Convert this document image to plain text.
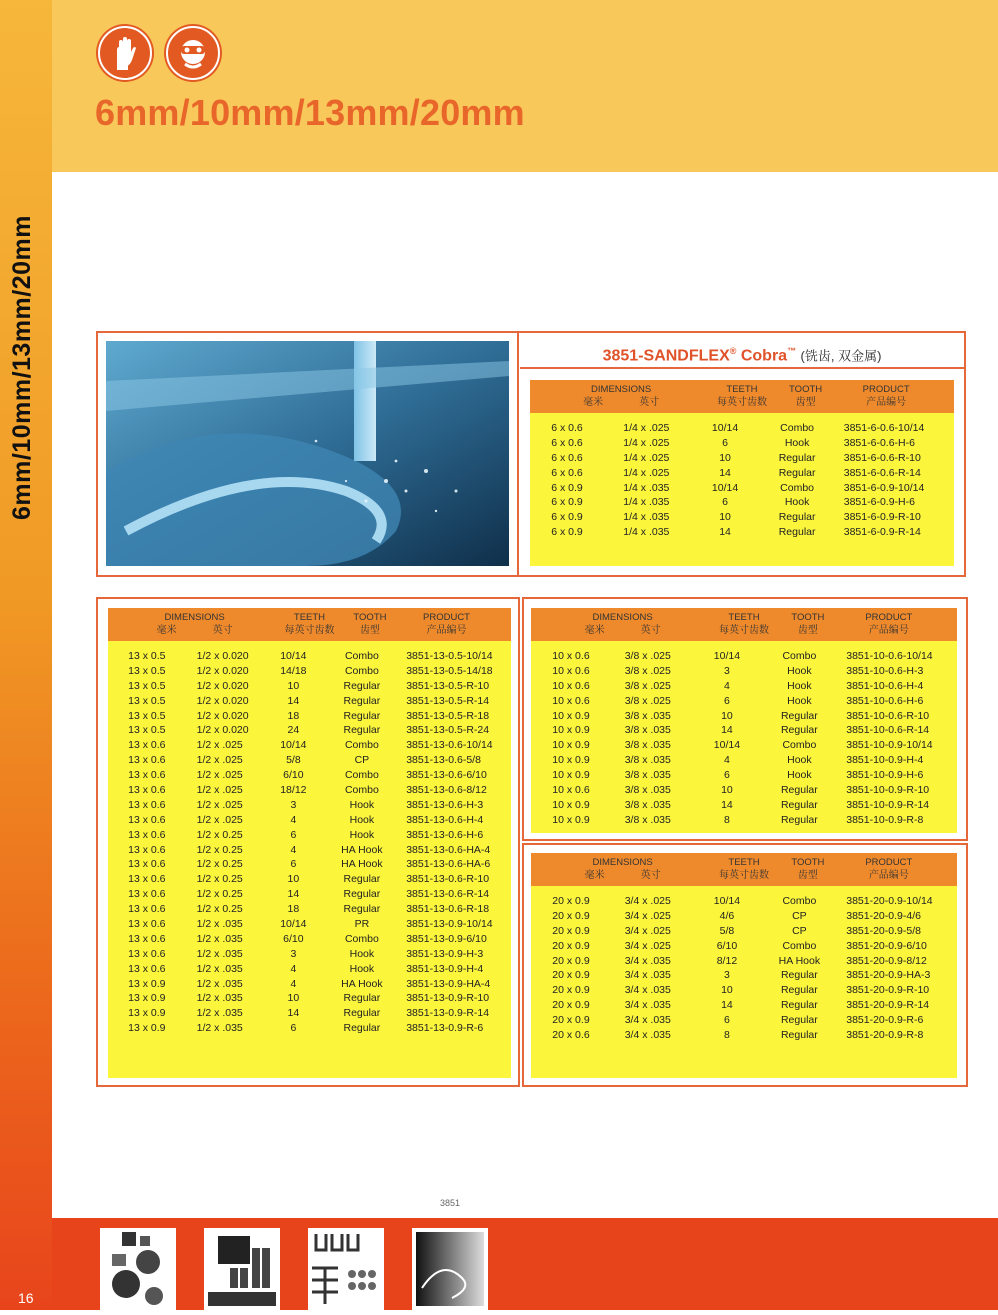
6mm/10mm/13mm/20mm
6mm/10mm/13mm/20mm
3851-SANDFLEX® Cobra™ (铣齿, 双金属)
DIMENSIONS
毫米	英寸
TEETH
每英寸齿数
TOOTH
齿型
PRODUCT
产品编号
6 x 0.6	1/4 x .025	10/14	Combo	3851-6-0.6-10/14
6 x 0.6	1/4 x .025	6	Hook	3851-6-0.6-H-6
6 x 0.6	1/4 x .025	10	Regular	3851-6-0.6-R-10
6 x 0.6	1/4 x .025	14	Regular	3851-6-0.6-R-14
6 x 0.9	1/4 x .035	10/14	Combo	3851-6-0.9-10/14
6 x 0.9	1/4 x .035	6	Hook	3851-6-0.9-H-6
6 x 0.9	1/4 x .035	10	Regular	3851-6-0.9-R-10
6 x 0.9	1/4 x .035	14	Regular	3851-6-0.9-R-14
DIMENSIONS
毫米	英寸
TEETH
每英寸齿数
TOOTH
齿型
PRODUCT
产品编号
13 x 0.5	1/2 x 0.020	10/14	Combo	3851-13-0.5-10/14
13 x 0.5	1/2 x 0.020	14/18	Combo	3851-13-0.5-14/18
13 x 0.5	1/2 x 0.020	10	Regular	3851-13-0.5-R-10
13 x 0.5	1/2 x 0.020	14	Regular	3851-13-0.5-R-14
13 x 0.5	1/2 x 0.020	18	Regular	3851-13-0.5-R-18
13 x 0.5	1/2 x 0.020	24	Regular	3851-13-0.5-R-24
13 x 0.6	1/2 x .025	10/14	Combo	3851-13-0.6-10/14
13 x 0.6	1/2 x .025	5/8	CP	3851-13-0.6-5/8
13 x 0.6	1/2 x .025	6/10	Combo	3851-13-0.6-6/10
13 x 0.6	1/2 x .025	18/12	Combo	3851-13-0.6-8/12
13 x 0.6	1/2 x .025	3	Hook	3851-13-0.6-H-3
13 x 0.6	1/2 x .025	4	Hook	3851-13-0.6-H-4
13 x 0.6	1/2 x 0.25	6	Hook	3851-13-0.6-H-6
13 x 0.6	1/2 x 0.25	4	HA Hook	3851-13-0.6-HA-4
13 x 0.6	1/2 x 0.25	6	HA Hook	3851-13-0.6-HA-6
13 x 0.6	1/2 x 0.25	10	Regular	3851-13-0.6-R-10
13 x 0.6	1/2 x 0.25	14	Regular	3851-13-0.6-R-14
13 x 0.6	1/2 x 0.25	18	Regular	3851-13-0.6-R-18
13 x 0.6	1/2 x .035	10/14	PR	3851-13-0.9-10/14
13 x 0.6	1/2 x .035	6/10	Combo	3851-13-0.9-6/10
13 x 0.6	1/2 x .035	3	Hook	3851-13-0.9-H-3
13 x 0.6	1/2 x .035	4	Hook	3851-13-0.9-H-4
13 x 0.9	1/2 x .035	4	HA Hook	3851-13-0.9-HA-4
13 x 0.9	1/2 x .035	10	Regular	3851-13-0.9-R-10
13 x 0.9	1/2 x .035	14	Regular	3851-13-0.9-R-14
13 x 0.9	1/2 x .035	6	Regular	3851-13-0.9-R-6
DIMENSIONS
毫米	英寸
TEETH
每英寸齿数
TOOTH
齿型
PRODUCT
产品编号
10 x 0.6	3/8 x .025	10/14	Combo	3851-10-0.6-10/14
10 x 0.6	3/8 x .025	3	Hook	3851-10-0.6-H-3
10 x 0.6	3/8 x .025	4	Hook	3851-10-0.6-H-4
10 x 0.6	3/8 x .025	6	Hook	3851-10-0.6-H-6
10 x 0.9	3/8 x .035	10	Regular	3851-10-0.6-R-10
10 x 0.9	3/8 x .035	14	Regular	3851-10-0.6-R-14
10 x 0.9	3/8 x .035	10/14	Combo	3851-10-0.9-10/14
10 x 0.9	3/8 x .035	4	Hook	3851-10-0.9-H-4
10 x 0.9	3/8 x .035	6	Hook	3851-10-0.9-H-6
10 x 0.6	3/8 x .035	10	Regular	3851-10-0.9-R-10
10 x 0.9	3/8 x .035	14	Regular	3851-10-0.9-R-14
10 x 0.9	3/8 x .035	8	Regular	3851-10-0.9-R-8
DIMENSIONS
毫米	英寸
TEETH
每英寸齿数
TOOTH
齿型
PRODUCT
产品编号
20 x 0.9	3/4 x .025	10/14	Combo	3851-20-0.9-10/14
20 x 0.9	3/4 x .025	4/6	CP	3851-20-0.9-4/6
20 x 0.9	3/4 x .025	5/8	CP	3851-20-0.9-5/8
20 x 0.9	3/4 x .025	6/10	Combo	3851-20-0.9-6/10
20 x 0.9	3/4 x .035	8/12	HA Hook	3851-20-0.9-8/12
20 x 0.9	3/4 x .035	3	Regular	3851-20-0.9-HA-3
20 x 0.9	3/4 x .035	10	Regular	3851-20-0.9-R-10
20 x 0.9	3/4 x .035	14	Regular	3851-20-0.9-R-14
20 x 0.9	3/4 x .035	6	Regular	3851-20-0.9-R-6
20 x 0.6	3/4 x .035	8	Regular	3851-20-0.9-R-8
3851
16
